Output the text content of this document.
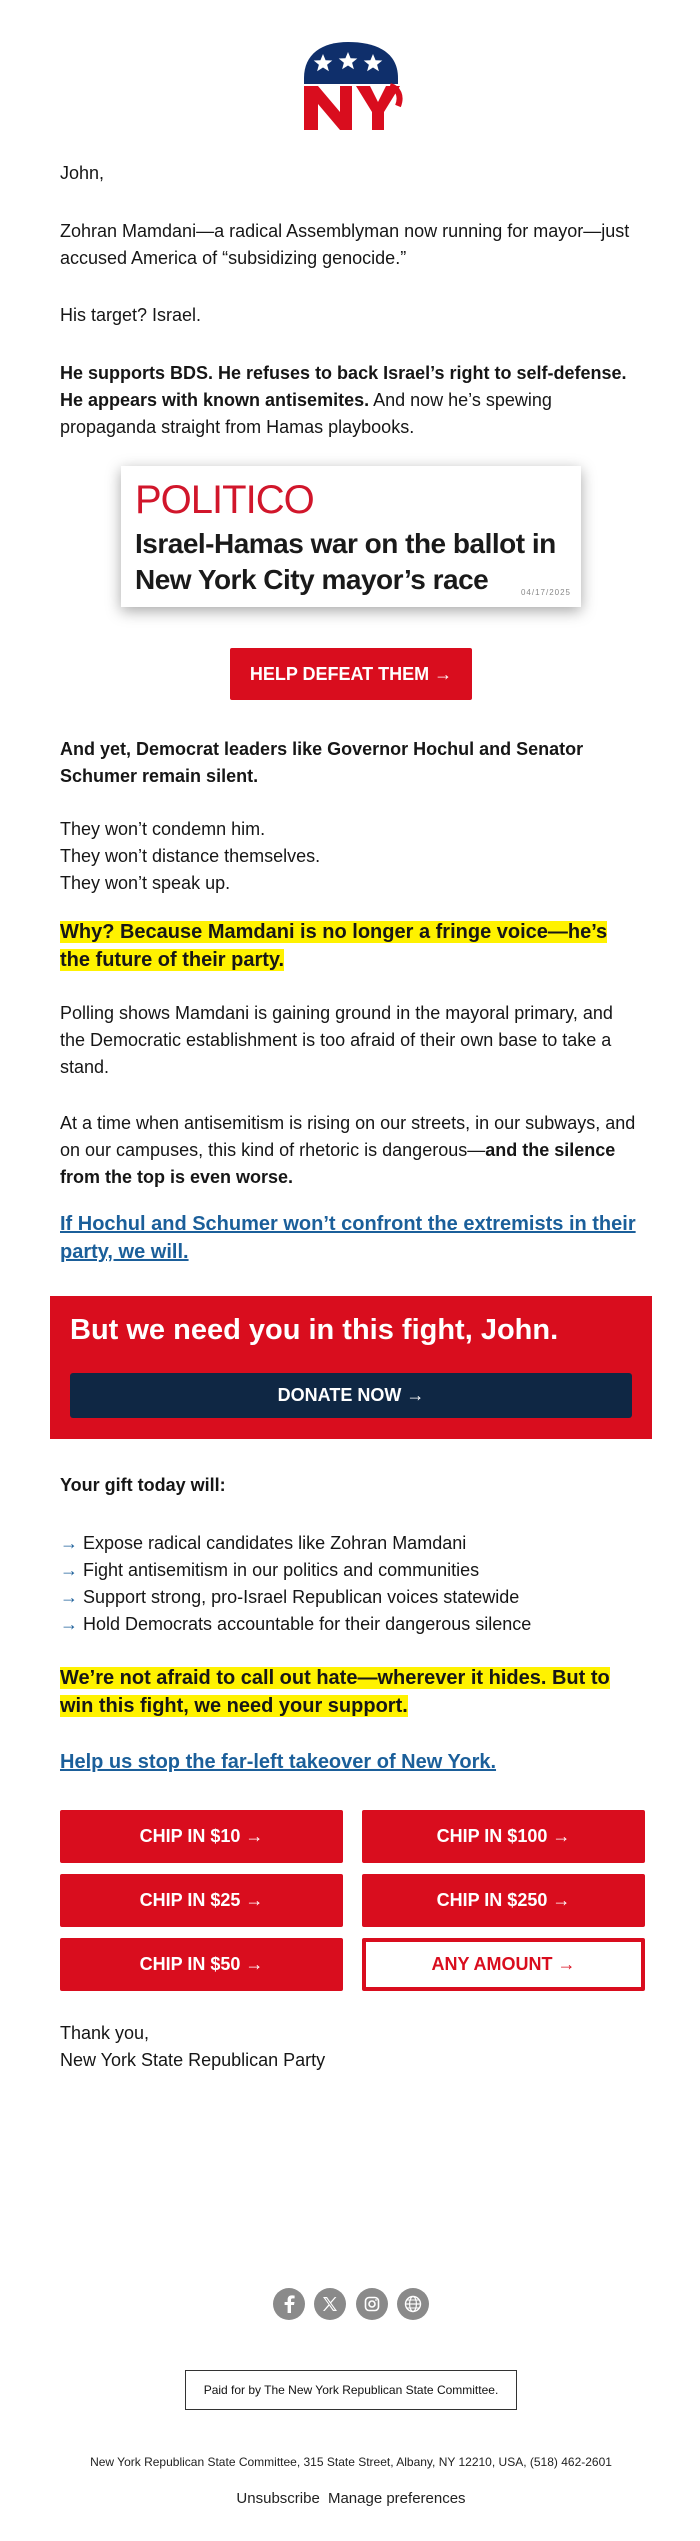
John,
Zohran Mamdani—a radical Assemblyman now running for mayor—just accused America of “subsidizing genocide.”
His target? Israel.
He supports BDS. He refuses to back Israel’s right to self-defense. He appears with known antisemites. And now he’s spewing propaganda straight from Hamas playbooks.
POLITICO
Israel-Hamas war on the ballot in New York City mayor’s race	04/17/2025
HELP DEFEAT THEM →
And yet, Democrat leaders like Governor Hochul and Senator Schumer remain silent.
They won’t condemn him.
They won’t distance themselves.
They won’t speak up.
Why? Because Mamdani is no longer a fringe voice—he’s the future of their party.
Polling shows Mamdani is gaining ground in the mayoral primary, and the Democratic establishment is too afraid of their own base to take a stand.
At a time when antisemitism is rising on our streets, in our subways, and on our campuses, this kind of rhetoric is dangerous—and the silence from the top is even worse.
If Hochul and Schumer won’t confront the extremists in their party, we will.
But we need you in this fight, John.
DONATE NOW →
Your gift today will:
→ Expose radical candidates like Zohran Mamdani
→ Fight antisemitism in our politics and communities
→ Support strong, pro-Israel Republican voices statewide
→ Hold Democrats accountable for their dangerous silence
We’re not afraid to call out hate—wherever it hides. But to win this fight, we need your support.
Help us stop the far-left takeover of New York.
CHIP IN $10 →	CHIP IN $100 →
CHIP IN $25 →	CHIP IN $250 →
CHIP IN $50 →	ANY AMOUNT →
Thank you,
New York State Republican Party
Paid for by The New York Republican State Committee.
New York Republican State Committee, 315 State Street, Albany, NY 12210, USA, (518) 462-2601
Unsubscribe Manage preferences
